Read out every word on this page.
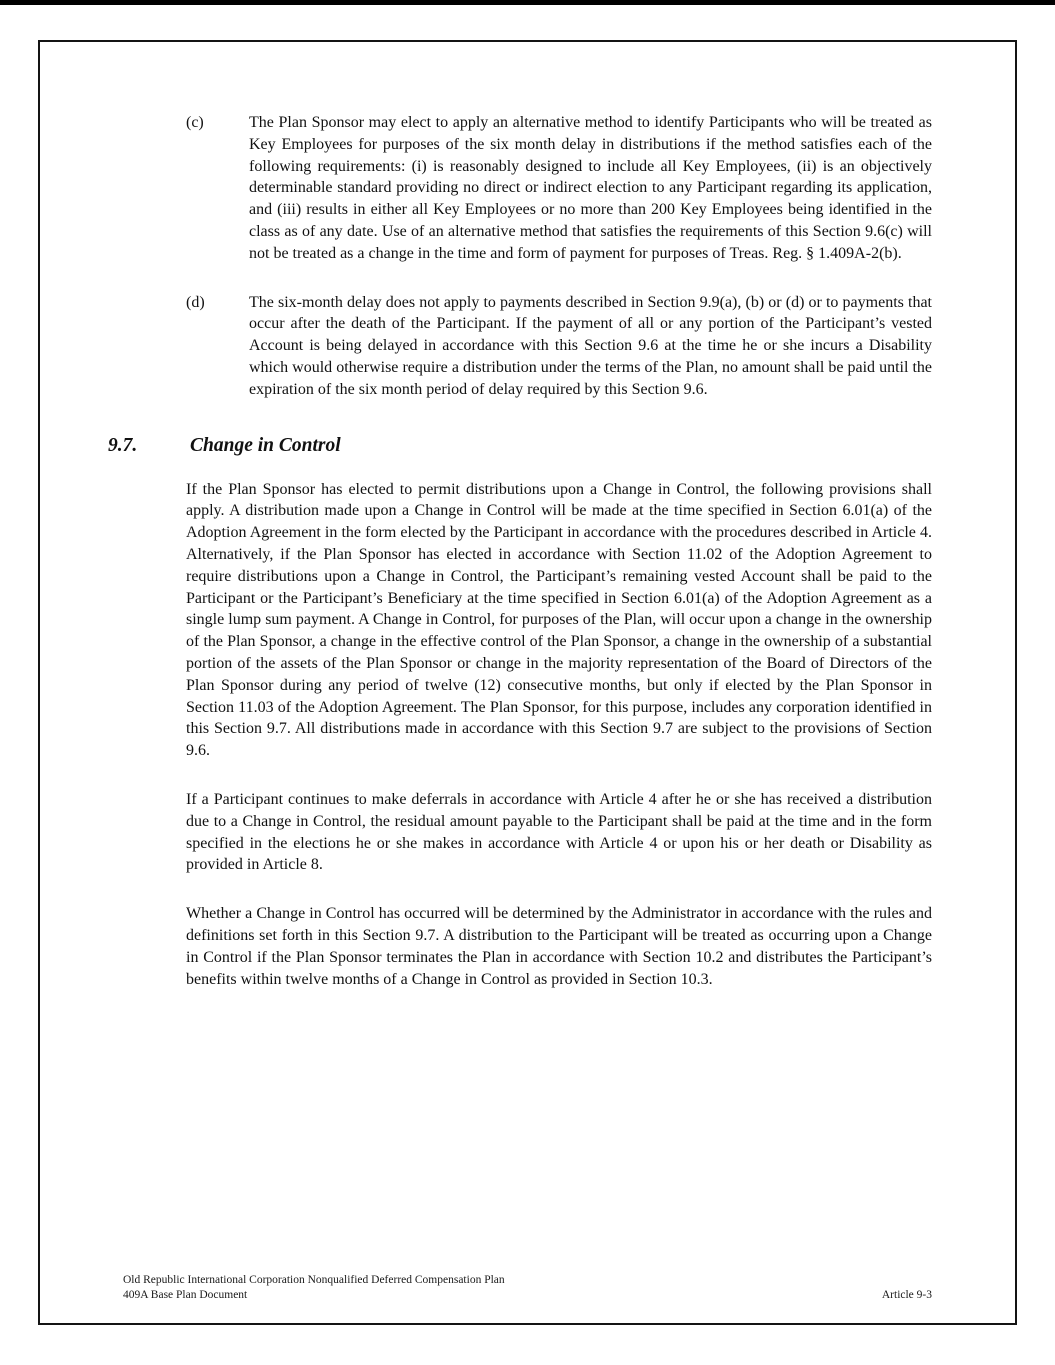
(c)	The Plan Sponsor may elect to apply an alternative method to identify Participants who will be treated as Key Employees for purposes of the six month delay in distributions if the method satisfies each of the following requirements: (i) is reasonably designed to include all Key Employees, (ii) is an objectively determinable standard providing no direct or indirect election to any Participant regarding its application, and (iii) results in either all Key Employees or no more than 200 Key Employees being identified in the class as of any date. Use of an alternative method that satisfies the requirements of this Section 9.6(c) will not be treated as a change in the time and form of payment for purposes of Treas. Reg. § 1.409A-2(b).
(d)	The six-month delay does not apply to payments described in Section 9.9(a), (b) or (d) or to payments that occur after the death of the Participant. If the payment of all or any portion of the Participant’s vested Account is being delayed in accordance with this Section 9.6 at the time he or she incurs a Disability which would otherwise require a distribution under the terms of the Plan, no amount shall be paid until the expiration of the six month period of delay required by this Section 9.6.
9.7.	Change in Control

If the Plan Sponsor has elected to permit distributions upon a Change in Control, the following provisions shall apply. A distribution made upon a Change in Control will be made at the time specified in Section 6.01(a) of the Adoption Agreement in the form elected by the Participant in accordance with the procedures described in Article 4. Alternatively, if the Plan Sponsor has elected in accordance with Section 11.02 of the Adoption Agreement to require distributions upon a Change in Control, the Participant’s remaining vested Account shall be paid to the Participant or the Participant’s Beneficiary at the time specified in Section 6.01(a) of the Adoption Agreement as a single lump sum payment. A Change in Control, for purposes of the Plan, will occur upon a change in the ownership of the Plan Sponsor, a change in the effective control of the Plan Sponsor, a change in the ownership of a substantial portion of the assets of the Plan Sponsor or change in the majority representation of the Board of Directors of the Plan Sponsor during any period of twelve (12) consecutive months, but only if elected by the Plan Sponsor in Section 11.03 of the Adoption Agreement. The Plan Sponsor, for this purpose, includes any corporation identified in this Section 9.7. All distributions made in accordance with this Section 9.7 are subject to the provisions of Section 9.6.

If a Participant continues to make deferrals in accordance with Article 4 after he or she has received a distribution due to a Change in Control, the residual amount payable to the Participant shall be paid at the time and in the form specified in the elections he or she makes in accordance with Article 4 or upon his or her death or Disability as provided in Article 8.

Whether a Change in Control has occurred will be determined by the Administrator in accordance with the rules and definitions set forth in this Section 9.7. A distribution to the Participant will be treated as occurring upon a Change in Control if the Plan Sponsor terminates the Plan in accordance with Section 10.2 and distributes the Participant’s benefits within twelve months of a Change in Control as provided in Section 10.3.

Old Republic International Corporation Nonqualified Deferred Compensation Plan
409A Base Plan Document	Article 9-3
